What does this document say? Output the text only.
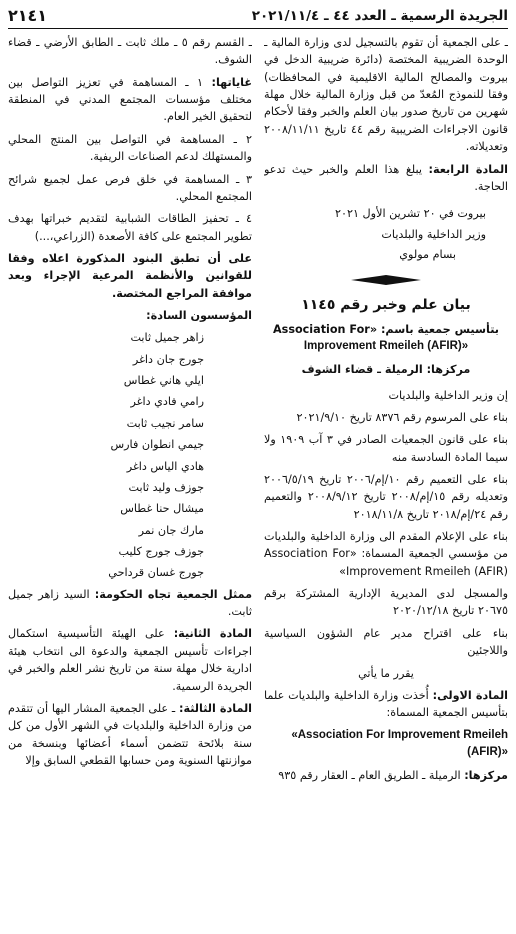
الجريدة الرسمية ـ العدد ٤٤ ـ ٢٠٢١/١١/٤
٢١٤١

ـ على الجمعية أن تقوم بالتسجيل لدى وزارة المالية ـ الوحدة الضريبية المختصة (دائرة ضريبية الدخل في بيروت والمصالح المالية الاقليمية في المحافظات) وفقا للنموذج المُعدّ من قبل وزارة المالية خلال مهلة شهرين من تاريخ صدور بيان العلم والخبر وفقا لأحكام قانون الاجراءات الضريبية رقم ٤٤ تاريخ ٢٠٠٨/١١/١١ وتعديلاته.

المادة الرابعة: يبلغ هذا العلم والخبر حيث تدعو الحاجة.

بيروت في ٢٠ تشرين الأول ٢٠٢١

وزير الداخلية والبلديات

بسام مولوي

بيان علم وخبر رقم ١١٤٥

بتأسيس جمعية باسم: «Association For

Improvement Rmeileh (AFIR)»

مركزها: الرميلة ـ قضاء الشوف

إن وزير الداخلية والبلديات

بناء على المرسوم رقم ٨٣٧٦ تاريخ ٢٠٢١/٩/١٠

بناء على قانون الجمعيات الصادر في ٣ آب ١٩٠٩ ولا سيما المادة السادسة منه

بناء على التعميم رقم ١٠/إم/٢٠٠٦ تاريخ ٢٠٠٦/٥/١٩ وتعديله رقم ١٥/إم/٢٠٠٨ تاريخ ٢٠٠٨/٩/١٢ والتعميم رقم ٢٤/إم/٢٠١٨ تاريخ ٢٠١٨/١١/٨

بناء على الإعلام المقدم الى وزارة الداخلية والبلديات من مؤسسي الجمعية المسماة: «Association For Improvement Rmeileh (AFIR)»

والمسجل لدى المديرية الإدارية المشتركة برقم ٢٠٦٧٥ تاريخ ٢٠٢٠/١٢/١٨

بناء على اقتراح مدير عام الشؤون السياسية واللاجئين

يقرر ما يأتي

المادة الاولى: أُخذت وزارة الداخلية والبلديات علما بتأسيس الجمعية المسماة:

«Association For Improvement Rmeileh (AFIR)»

مركزها: الرميلة ـ الطريق العام ـ العقار رقم ٩٣٥

ـ القسم رقم ٥ ـ ملك ثابت ـ الطابق الأرضي ـ قضاء الشوف.

غاياتها: ١ ـ المساهمة في تعزيز التواصل بين مختلف مؤسسات المجتمع المدني في المنطقة لتحقيق الخير العام.

٢ ـ المساهمة في التواصل بين المنتج المحلي والمستهلك لدعم الصناعات الريفية.

٣ ـ المساهمة في خلق فرص عمل لجميع شرائح المجتمع المحلي.

٤ ـ تحفيز الطاقات الشبابية لتقديم خبراتها بهدف تطوير المجتمع على كافة الأصعدة (الزراعي،...)

على أن تطبق البنود المذكورة اعلاه وفقا للقوانين والأنظمة المرعية الإجراء وبعد موافقة المراجع المختصة.

المؤسسون السادة:

زاهر جميل ثابت
جورج جان داغر
ايلي هاني غطاس
رامي فادي داغر
سامر نجيب ثابت
جيمي انطوان فارس
هادي الياس داغر
جوزف وليد ثابت
ميشال حنا غطاس
مارك جان نمر
جوزف جورج كليب
جورج غسان قرداحي

ممثل الجمعية تجاه الحكومة: السيد زاهر جميل ثابت.

المادة الثانية: على الهيئة التأسيسية استكمال اجراءات تأسيس الجمعية والدعوة الى انتخاب هيئة ادارية خلال مهلة سنة من تاريخ نشر العلم والخبر في الجريدة الرسمية.

المادة الثالثة: ـ على الجمعية المشار اليها أن تتقدم من وزارة الداخلية والبلديات في الشهر الأول من كل سنة بلائحة تتضمن أسماء أعضائها وبنسخة من موازنتها السنوية ومن حسابها القطعي السابق وإلا
